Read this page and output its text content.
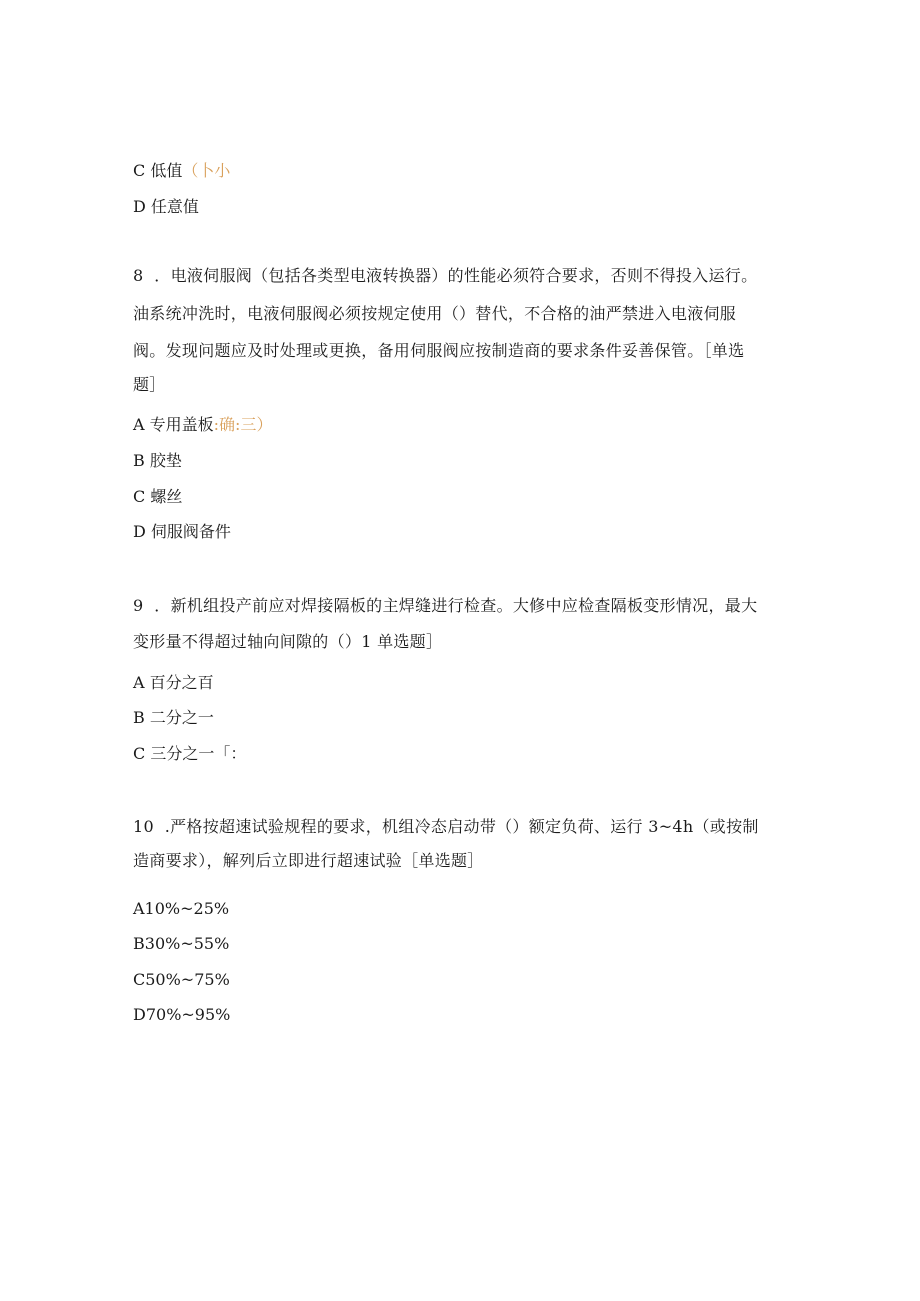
C 低值（卜小
D 任意值
8 ．电液伺服阀（包括各类型电液转换器）的性能必须符合要求，否则不得投入运行。
油系统冲洗时，电液伺服阀必须按规定使用（）替代，不合格的油严禁进入电液伺服
阀。发现问题应及时处理或更换，备用伺服阀应按制造商的要求条件妥善保管。［单选
题］
A 专用盖板:确:三）
B 胶垫
C 螺丝
D 伺服阀备件
9 ．新机组投产前应对焊接隔板的主焊缝进行检查。大修中应检查隔板变形情况，最大
变形量不得超过轴向间隙的（）1 单选题］
A 百分之百
B 二分之一
C 三分之一「：
10 .严格按超速试验规程的要求，机组冷态启动带（）额定负荷、运行 3~4h（或按制
造商要求），解列后立即进行超速试验［单选题］
A10%~25%
B30%~55%
C50%~75%
D70%~95%
